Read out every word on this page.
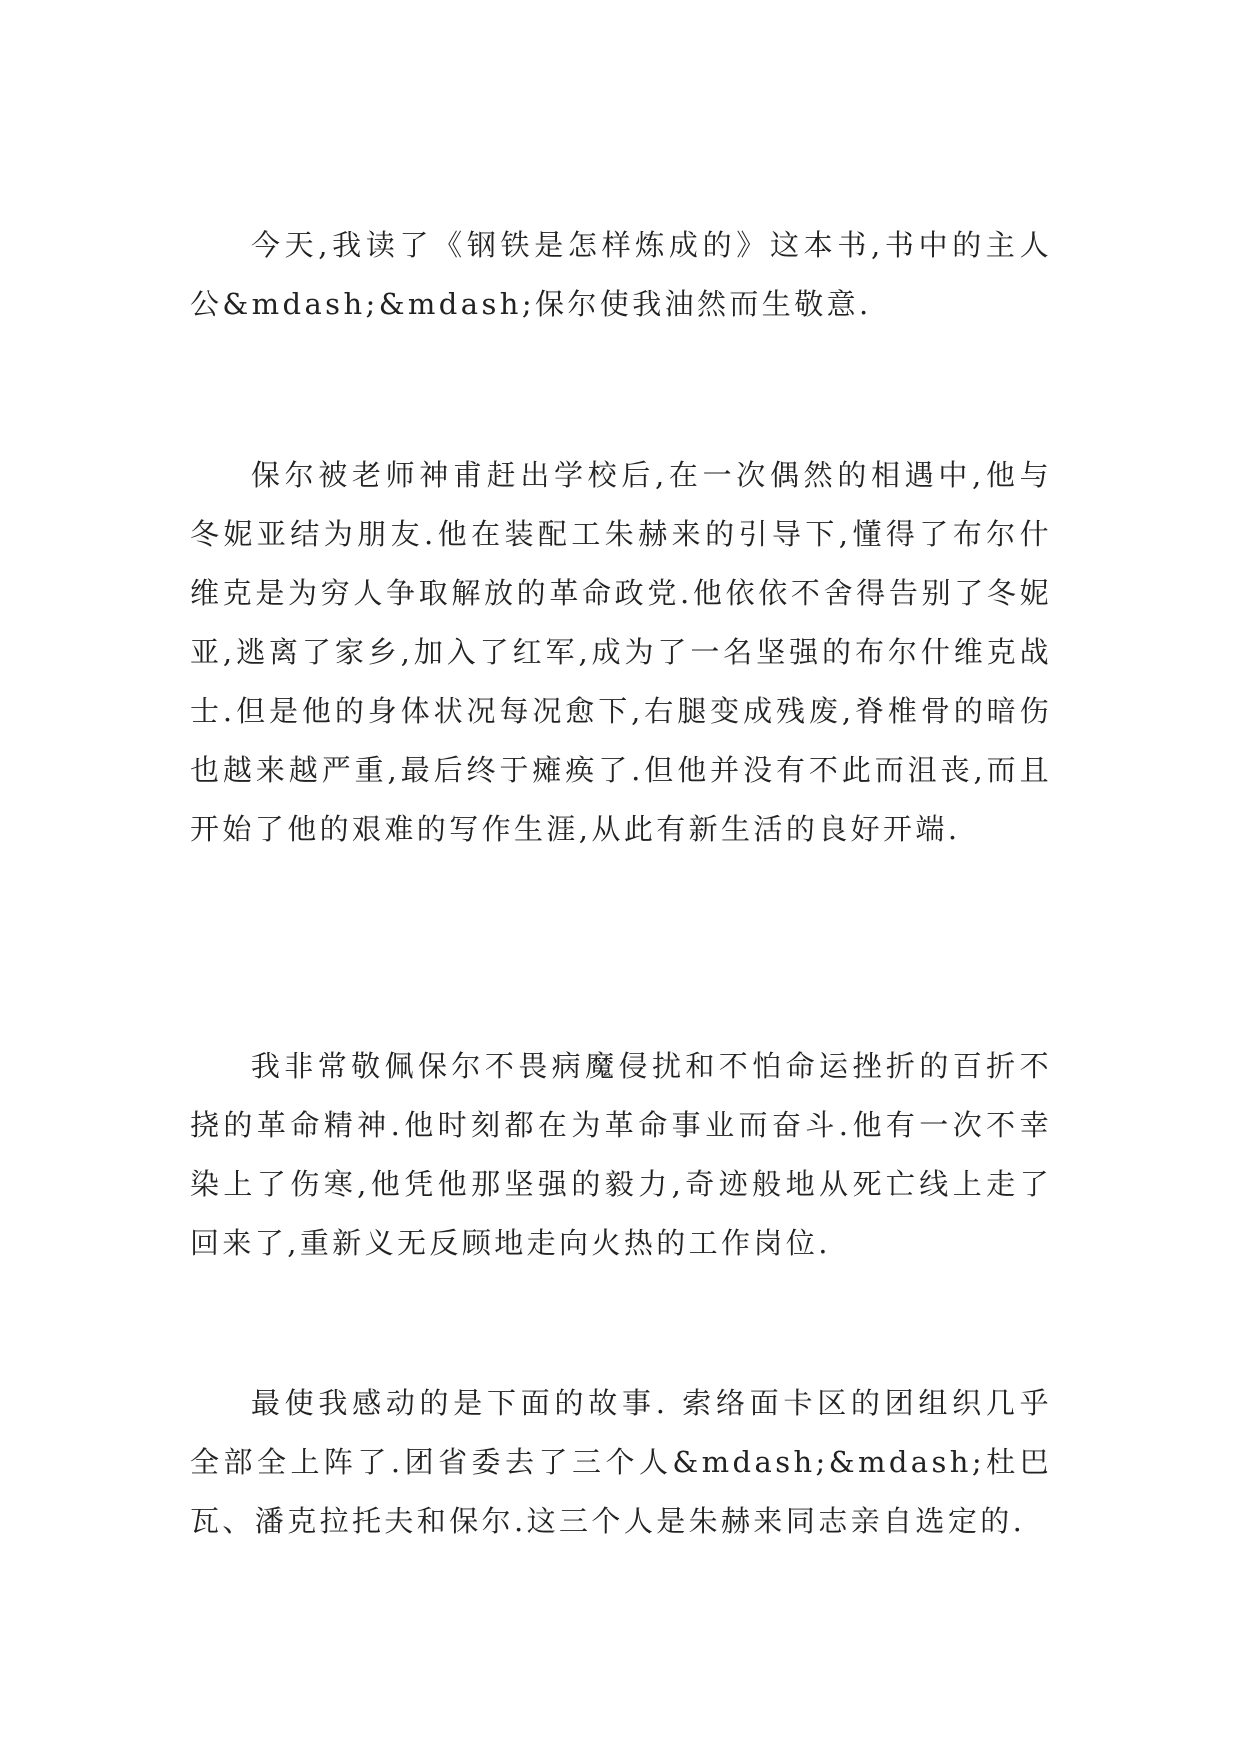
今天,我读了《钢铁是怎样炼成的》这本书,书中的主人公&mdash;&mdash;保尔使我油然而生敬意.

保尔被老师神甫赶出学校后,在一次偶然的相遇中,他与冬妮亚结为朋友.他在装配工朱赫来的引导下,懂得了布尔什维克是为穷人争取解放的革命政党.他依依不舍得告别了冬妮亚,逃离了家乡,加入了红军,成为了一名坚强的布尔什维克战士.但是他的身体状况每况愈下,右腿变成残废,脊椎骨的暗伤也越来越严重,最后终于瘫痪了.但他并没有不此而沮丧,而且开始了他的艰难的写作生涯,从此有新生活的良好开端.

我非常敬佩保尔不畏病魔侵扰和不怕命运挫折的百折不挠的革命精神.他时刻都在为革命事业而奋斗.他有一次不幸染上了伤寒,他凭他那坚强的毅力,奇迹般地从死亡线上走了回来了,重新义无反顾地走向火热的工作岗位.

最使我感动的是下面的故事. 索络面卡区的团组织几乎全部全上阵了.团省委去了三个人&mdash;&mdash;杜巴瓦、潘克拉托夫和保尔.这三个人是朱赫来同志亲自选定的.
